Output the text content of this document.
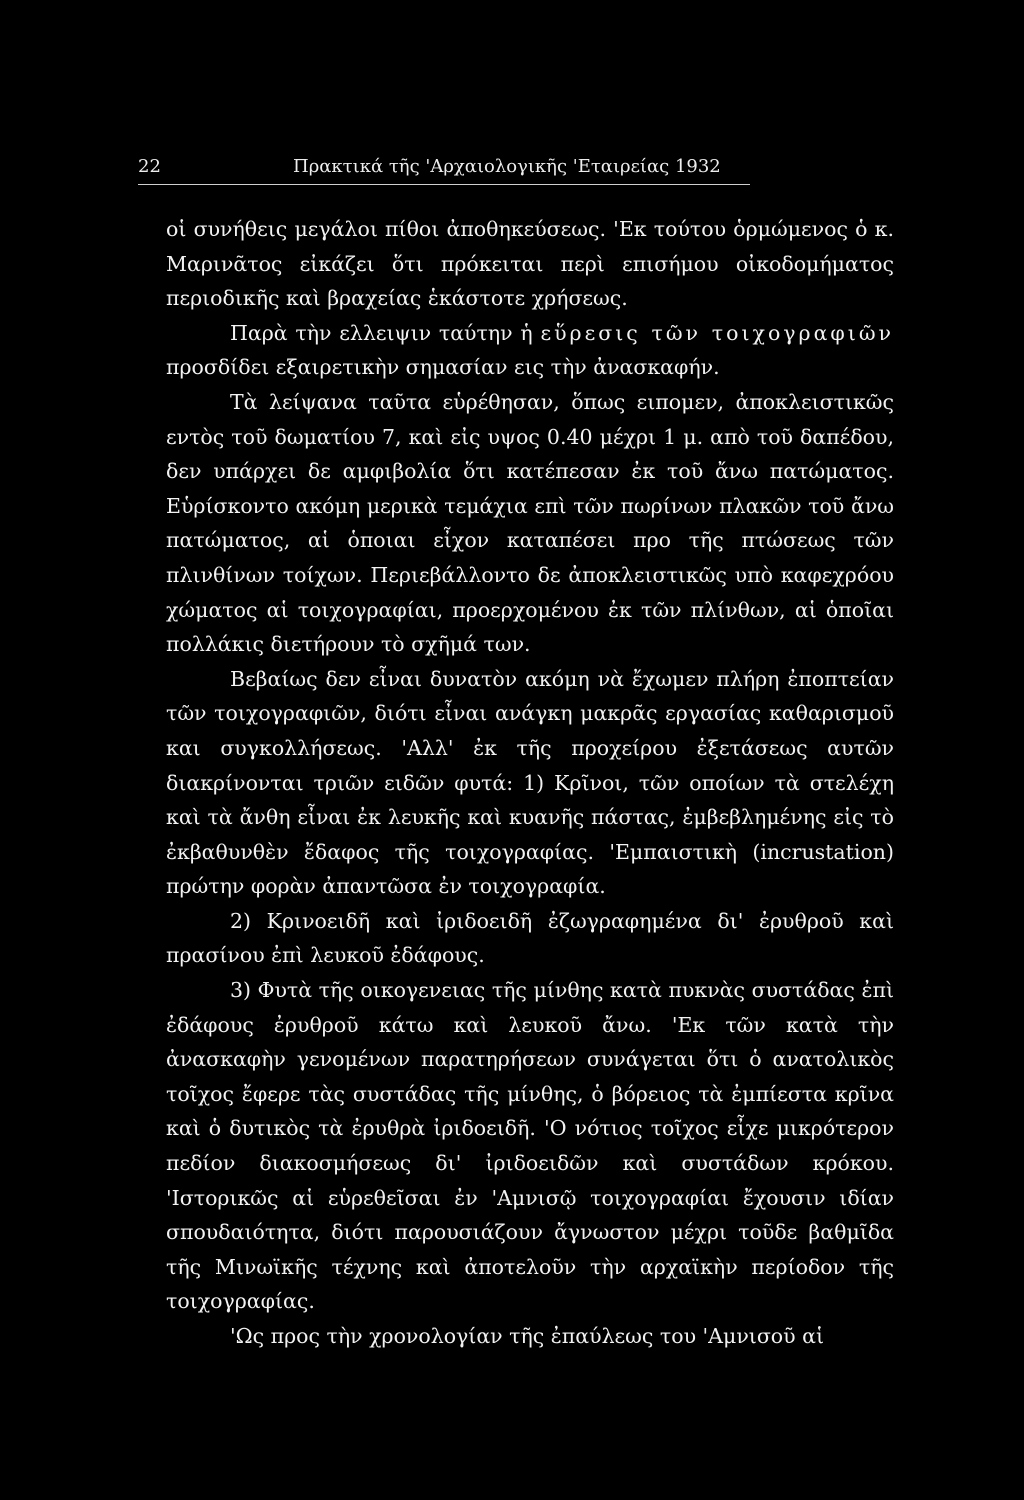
22	Πρακτικά τῆς 'Αρχαιολογικῆς 'Εταιρείας 1932

οἱ συνήθεις μεγάλοι πίθοι ἀποθηκεύσεως. 'Εκ τούτου ὁρμώμενος ὁ κ. Μαρινᾶτος εἰκάζει ὅτι πρόκειται περὶ επισήμου οἰκοδομήματος περιοδικῆς καὶ βραχείας ἑκάστοτε χρήσεως.

Παρὰ τὴν ελλειψιν ταύτην ἡ εὕρεσις τῶν τοιχογραφιῶν προσδίδει εξαιρετικὴν σημασίαν εις τὴν ἀνασκαφήν.

Τὰ λείψανα ταῦτα εὑρέθησαν, ὅπως ειπομεν, ἀποκλειστικῶς εντὸς τοῦ δωματίου 7, καὶ εἰς υψος 0.40 μέχρι 1 μ. απὸ τοῦ δαπέδου, δεν υπάρχει δε αμφιβολία ὅτι κατέπεσαν ἐκ τοῦ ἄνω πατώματος. Εὑρίσκοντο ακόμη μερικὰ τεμάχια επὶ τῶν πωρίνων πλακῶν τοῦ ἄνω πατώματος, αἱ ὁποιαι εἶχον καταπέσει προ τῆς πτώσεως τῶν πλινθίνων τοίχων. Περιεβάλλοντο δε ἀποκλειστικῶς υπὸ καφεχρόου χώματος αἱ τοιχογραφίαι, προερχομένου ἐκ τῶν πλίνθων, αἱ ὁποῖαι πολλάκις διετήρουν τὸ σχῆμά των.

Βεβαίως δεν εἶναι δυνατὸν ακόμη νὰ ἔχωμεν πλήρη ἐποπτείαν τῶν τοιχογραφιῶν, διότι εἶναι ανάγκη μακρᾶς εργασίας καθαρισμοῦ και συγκολλήσεως. 'Αλλ' ἐκ τῆς προχείρου ἐξετάσεως αυτῶν διακρίνονται τριῶν ειδῶν φυτά: 1) Κρῖνοι, τῶν οποίων τὰ στελέχη καὶ τὰ ἄνθη εἶναι ἐκ λευκῆς καὶ κυανῆς πάστας, ἐμβεβλημένης εἰς τὸ ἐκβαθυνθὲν ἔδαφος τῆς τοιχογραφίας. 'Εμπαιστικὴ (incrustation) πρώτην φορὰν ἀπαντῶσα ἐν τοιχογραφία.

2) Κρινοειδῆ καὶ ἰριδοειδῆ ἐζωγραφημένα δι' ἐρυθροῦ καὶ πρασίνου ἐπὶ λευκοῦ ἐδάφους.

3) Φυτὰ τῆς οικογενειας τῆς μίνθης κατὰ πυκνὰς συστάδας ἐπὶ ἐδάφους ἐρυθροῦ κάτω καὶ λευκοῦ ἄνω. 'Εκ τῶν κατὰ τὴν ἀνασκαφὴν γενομένων παρατηρήσεων συνάγεται ὅτι ὁ ανατολικὸς τοῖχος ἔφερε τὰς συστάδας τῆς μίνθης, ὁ βόρειος τὰ ἐμπίεστα κρῖνα καὶ ὁ δυτικὸς τὰ ἐρυθρὰ ἰριδοειδῆ. 'Ο νότιος τοῖχος εἶχε μικρότερον πεδίον διακοσμήσεως δι' ἰριδοειδῶν καὶ συστάδων κρόκου. 'Ιστορικῶς αἱ εὑρεθεῖσαι ἐν 'Αμνισῷ τοιχογραφίαι ἔχουσιν ιδίαν σπουδαιότητα, διότι παρουσιάζουν ἄγνωστον μέχρι τοῦδε βαθμῖδα τῆς Μινωϊκῆς τέχνης καὶ ἀποτελοῦν τὴν αρχαϊκὴν περίοδον τῆς τοιχογραφίας.

'Ως προς τὴν χρονολογίαν τῆς ἐπαύλεως του 'Αμνισοῦ αἱ
